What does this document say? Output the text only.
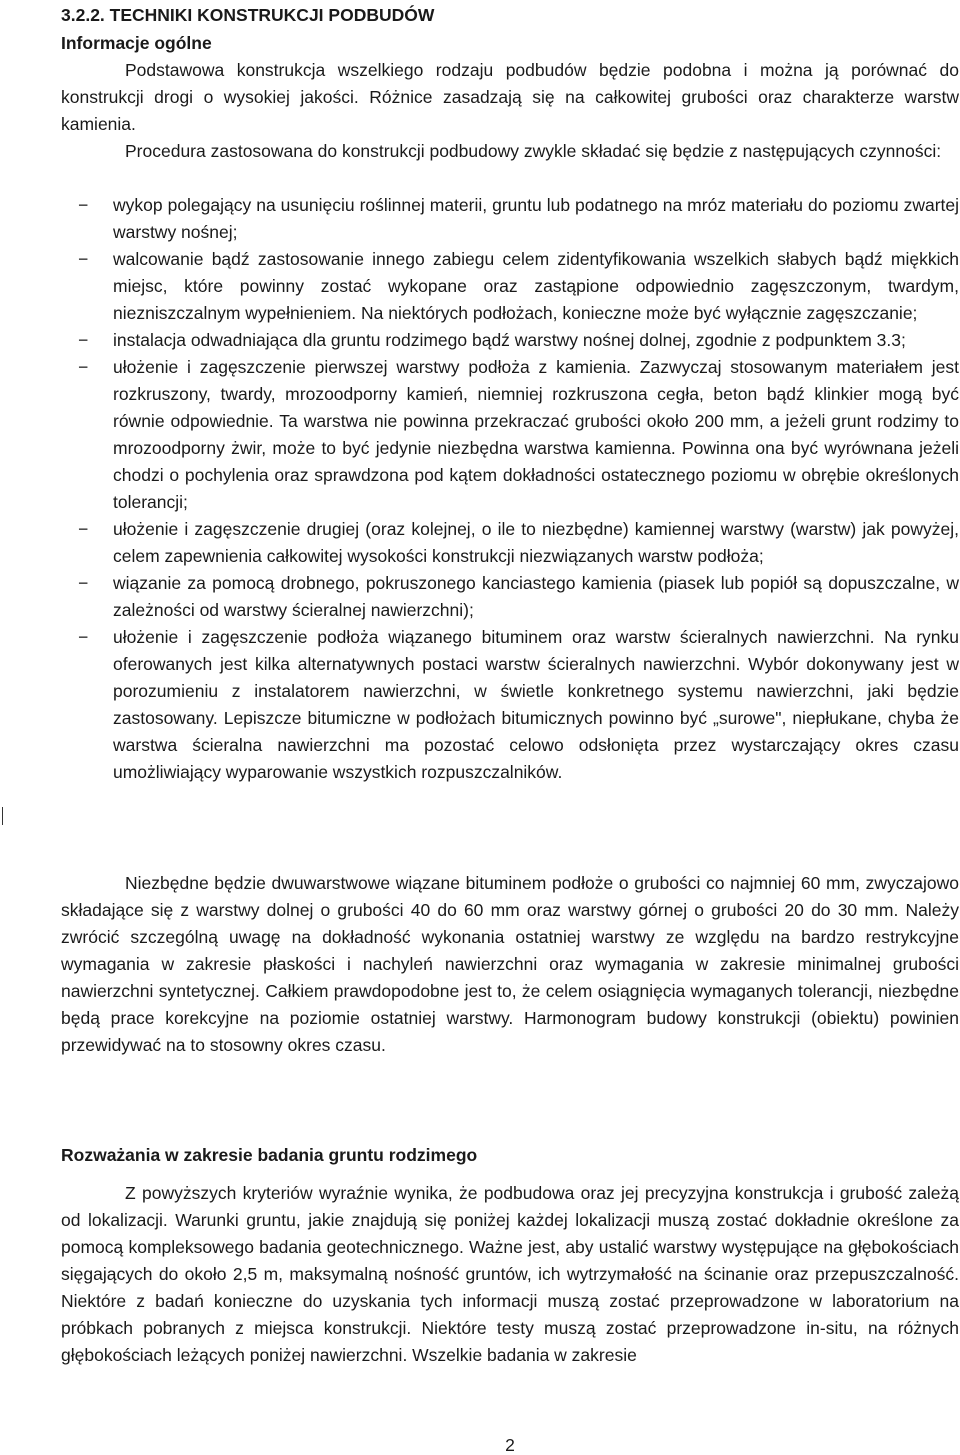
3.2.2. TECHNIKI KONSTRUKCJI PODBUDÓW
Informacje ogólne

Podstawowa konstrukcja wszelkiego rodzaju podbudów będzie podobna i można ją porównać do konstrukcji drogi o wysokiej jakości. Różnice zasadzają się na całkowitej grubości oraz charakterze warstw kamienia.

Procedura zastosowana do konstrukcji podbudowy zwykle składać się będzie z następujących czynności:

− wykop polegający na usunięciu roślinnej materii, gruntu lub podatnego na mróz materiału do poziomu zwartej warstwy nośnej;
− walcowanie bądź zastosowanie innego zabiegu celem zidentyfikowania wszelkich słabych bądź miękkich miejsc, które powinny zostać wykopane oraz zastąpione odpowiednio zagęszczonym, twardym, niezniszczalnym wypełnieniem. Na niektórych podłożach, konieczne może być wyłącznie zagęszczanie;
− instalacja odwadniająca dla gruntu rodzimego bądź warstwy nośnej dolnej, zgodnie z podpunktem 3.3;
− ułożenie i zagęszczenie pierwszej warstwy podłoża z kamienia. Zazwyczaj stosowanym materiałem jest rozkruszony, twardy, mrozoodporny kamień, niemniej rozkruszona cegła, beton bądź klinkier mogą być równie odpowiednie. Ta warstwa nie powinna przekraczać grubości około 200 mm, a jeżeli grunt rodzimy to mrozoodporny żwir, może to być jedynie niezbędna warstwa kamienna. Powinna ona być wyrównana jeżeli chodzi o pochylenia oraz sprawdzona pod kątem dokładności ostatecznego poziomu w obrębie określonych tolerancji;
− ułożenie i zagęszczenie drugiej (oraz kolejnej, o ile to niezbędne) kamiennej warstwy (warstw) jak powyżej, celem zapewnienia całkowitej wysokości konstrukcji niezwiązanych warstw podłoża;
− wiązanie za pomocą drobnego, pokruszonego kanciastego kamienia (piasek lub popiół są dopuszczalne, w zależności od warstwy ścieralnej nawierzchni);
− ułożenie i zagęszczenie podłoża wiązanego bituminem oraz warstw ścieralnych nawierzchni. Na rynku oferowanych jest kilka alternatywnych postaci warstw ścieralnych nawierzchni. Wybór dokonywany jest w porozumieniu z instalatorem nawierzchni, w świetle konkretnego systemu nawierzchni, jaki będzie zastosowany. Lepiszcze bitumiczne w podłożach bitumicznych powinno być „surowe", niepłukane, chyba że warstwa ścieralna nawierzchni ma pozostać celowo odsłonięta przez wystarczający okres czasu umożliwiający wyparowanie wszystkich rozpuszczalników.

Niezbędne będzie dwuwarstwowe wiązane bituminem podłoże o grubości co najmniej 60 mm, zwyczajowo składające się z warstwy dolnej o grubości 40 do 60 mm oraz warstwy górnej o grubości 20 do 30 mm. Należy zwrócić szczególną uwagę na dokładność wykonania ostatniej warstwy ze względu na bardzo restrykcyjne wymagania w zakresie płaskości i nachyleń nawierzchni oraz wymagania w zakresie minimalnej grubości nawierzchni syntetycznej. Całkiem prawdopodobne jest to, że celem osiągnięcia wymaganych tolerancji, niezbędne będą prace korekcyjne na poziomie ostatniej warstwy. Harmonogram budowy konstrukcji (obiektu) powinien przewidywać na to stosowny okres czasu.

Rozważania w zakresie badania gruntu rodzimego

Z powyższych kryteriów wyraźnie wynika, że podbudowa oraz jej precyzyjna konstrukcja i grubość zależą od lokalizacji. Warunki gruntu, jakie znajdują się poniżej każdej lokalizacji muszą zostać dokładnie określone za pomocą kompleksowego badania geotechnicznego. Ważne jest, aby ustalić warstwy występujące na głębokościach sięgających do około 2,5 m, maksymalną nośność gruntów, ich wytrzymałość na ścinanie oraz przepuszczalność. Niektóre z badań konieczne do uzyskania tych informacji muszą zostać przeprowadzone w laboratorium na próbkach pobranych z miejsca konstrukcji. Niektóre testy muszą zostać przeprowadzone in-situ, na różnych głębokościach leżących poniżej nawierzchni. Wszelkie badania w zakresie

2
